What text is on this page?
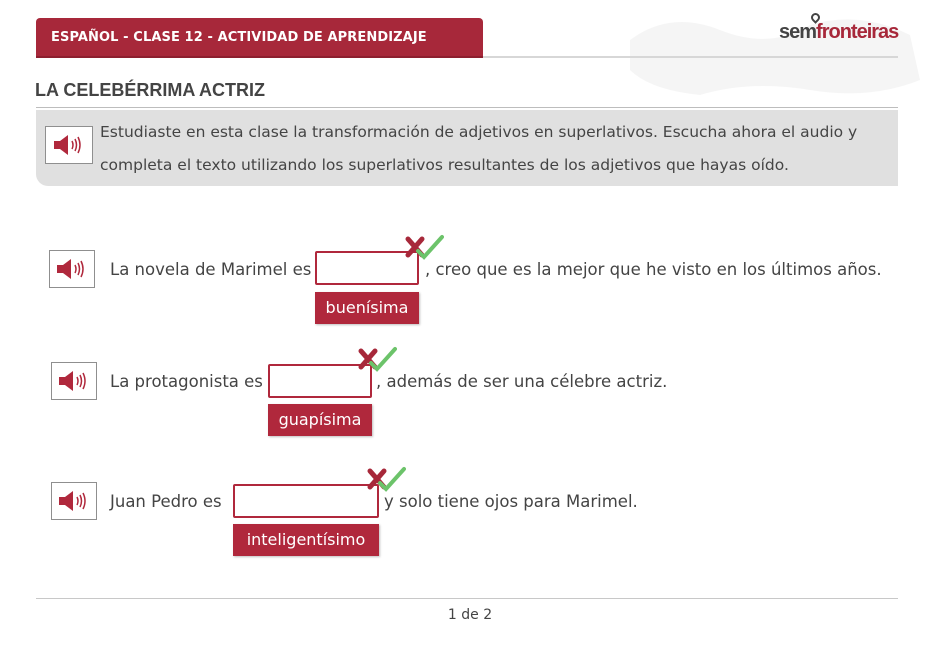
ESPAÑOL - CLASE 12 - ACTIVIDAD DE APRENDIZAJE	semfronteiras
LA CELEBÉRRIMA ACTRIZ
Estudiaste en esta clase la transformación de adjetivos en superlativos. Escucha ahora el audio y completa el texto utilizando los superlativos resultantes de los adjetivos que hayas oído.
La novela de Marimel es	, creo que es la mejor que he visto en los últimos años.
buenísima
La protagonista es	, además de ser una célebre actriz.
guapísima
Juan Pedro es	y solo tiene ojos para Marimel.
inteligentísimo
1 de 2
